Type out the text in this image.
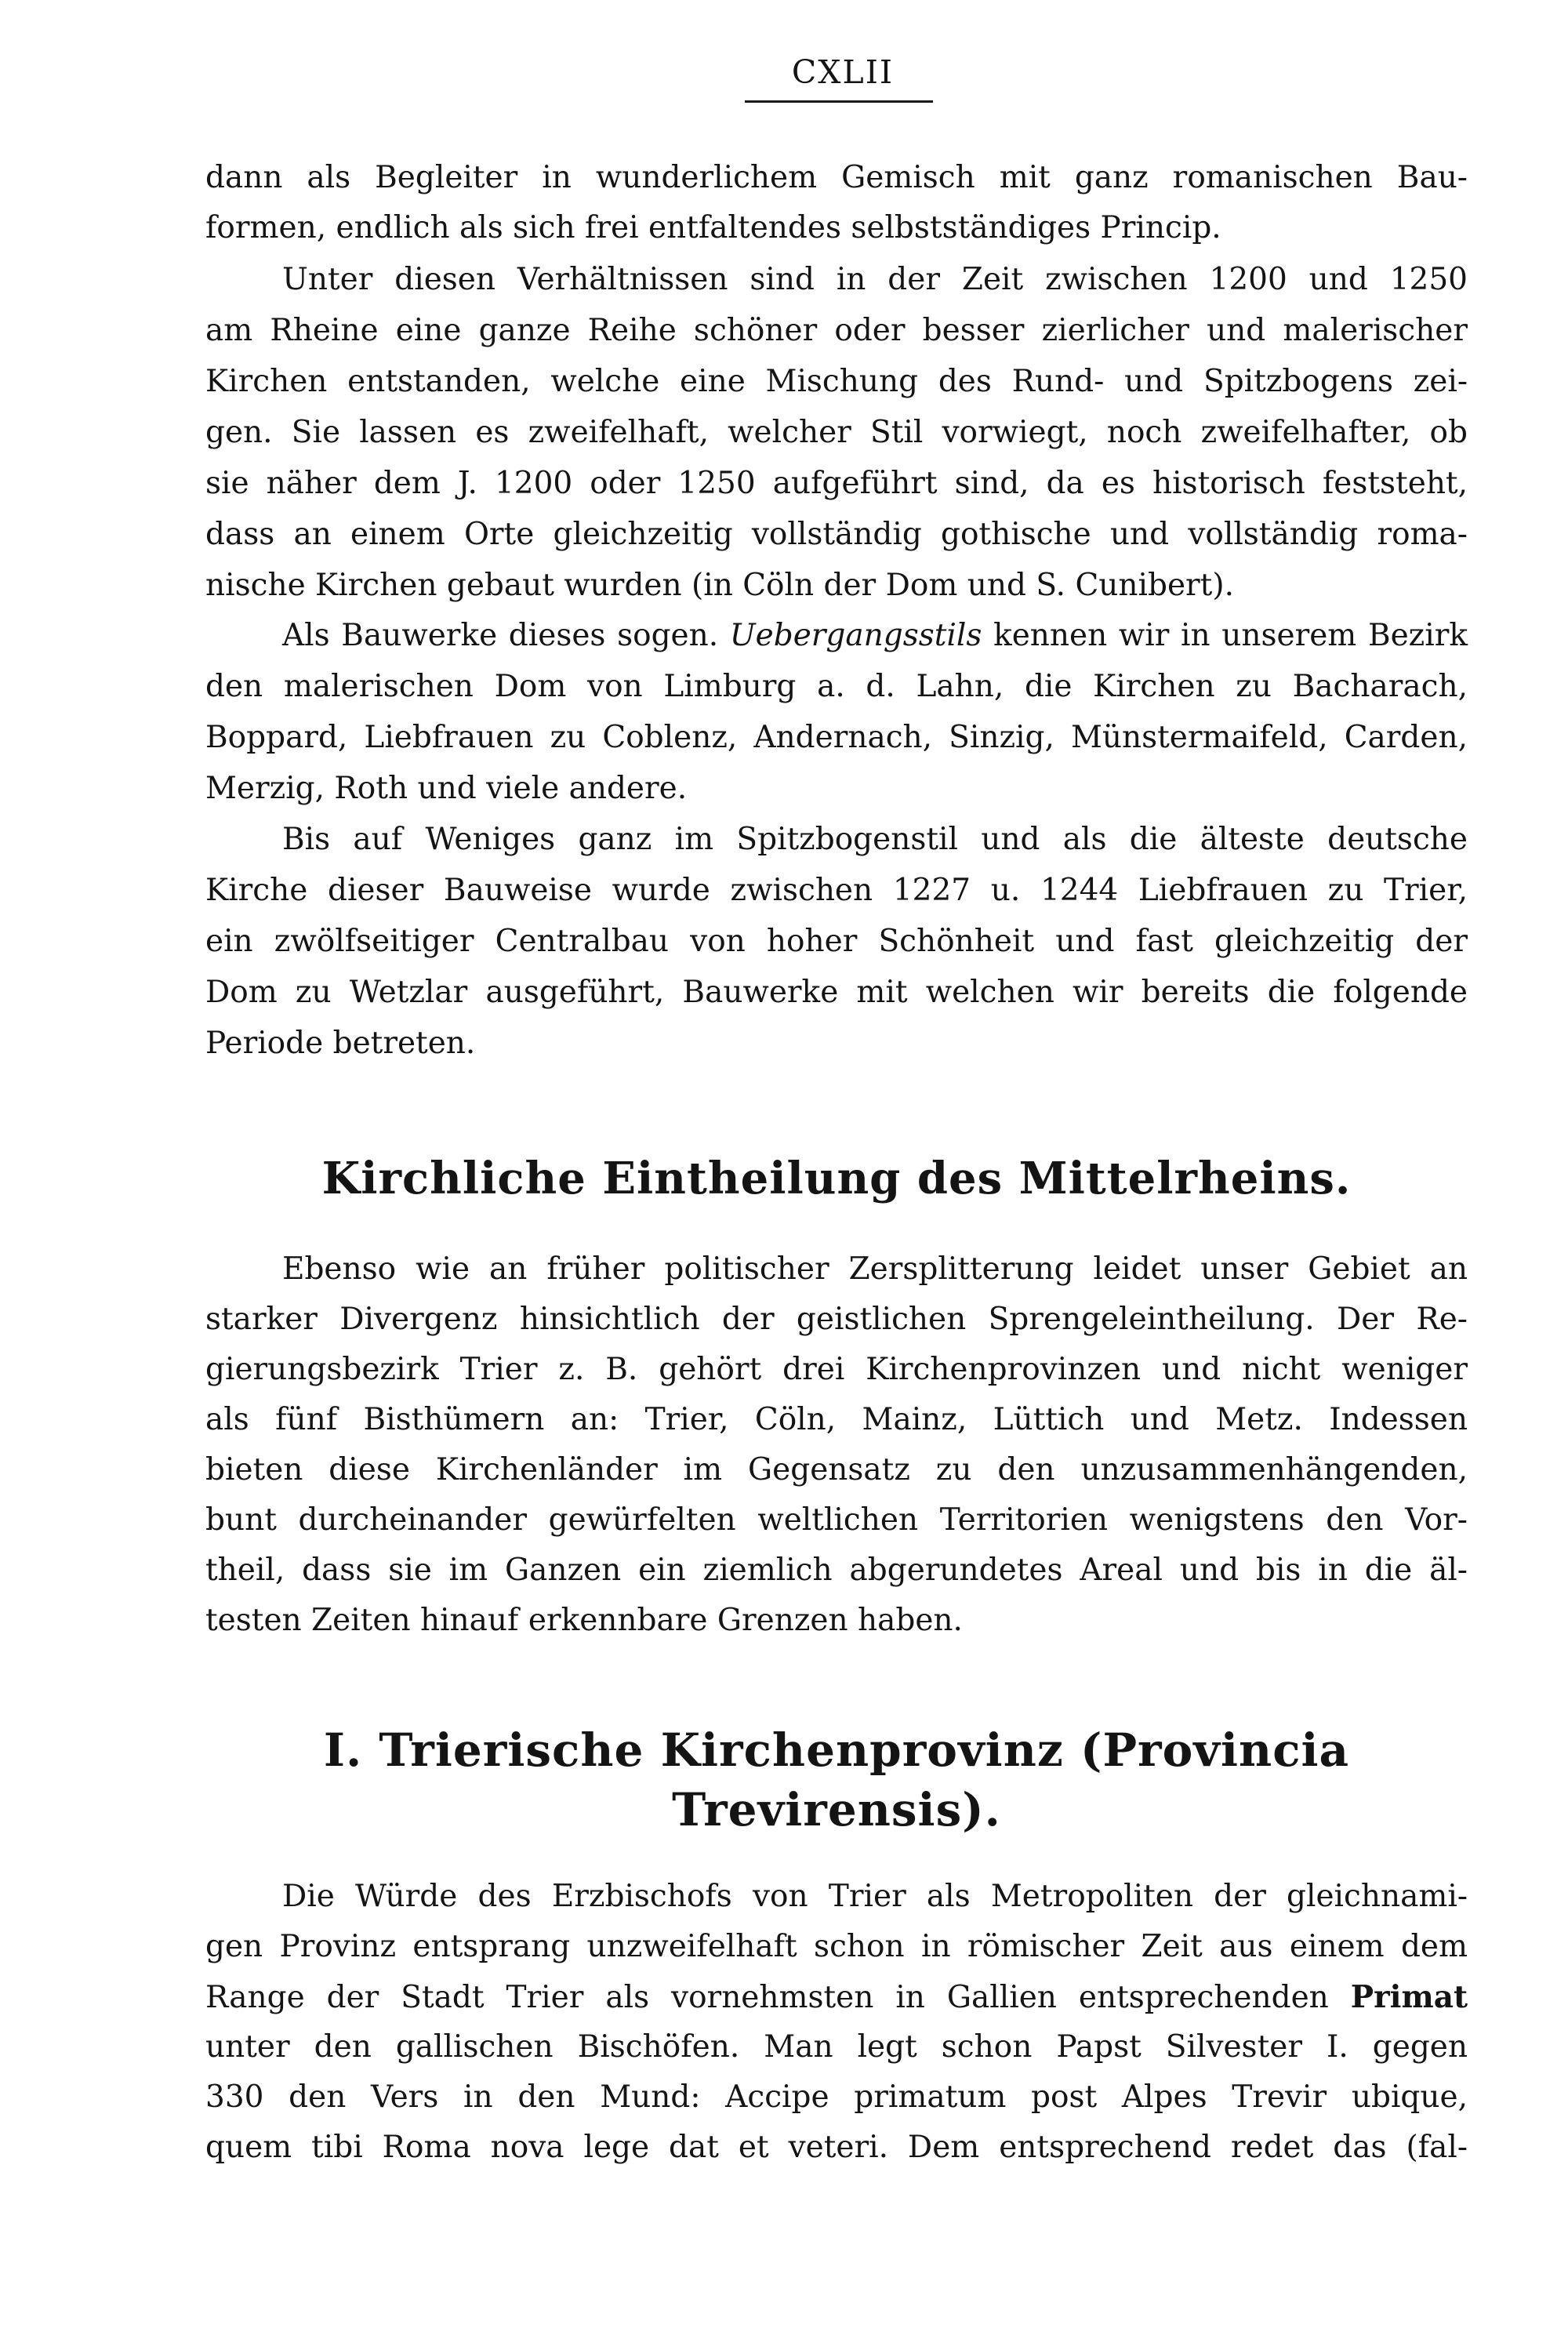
CXLII
dann als Begleiter in wunderlichem Gemisch mit ganz romanischen Bau-
formen, endlich als sich frei entfaltendes selbstständiges Princip.
Unter diesen Verhältnissen sind in der Zeit zwischen 1200 und 1250
am Rheine eine ganze Reihe schöner oder besser zierlicher und malerischer
Kirchen entstanden, welche eine Mischung des Rund- und Spitzbogens zei-
gen. Sie lassen es zweifelhaft, welcher Stil vorwiegt, noch zweifelhafter, ob
sie näher dem J. 1200 oder 1250 aufgeführt sind, da es historisch feststeht,
dass an einem Orte gleichzeitig vollständig gothische und vollständig roma-
nische Kirchen gebaut wurden (in Cöln der Dom und S. Cunibert).
Als Bauwerke dieses sogen. Uebergangsstils kennen wir in unserem Bezirk
den malerischen Dom von Limburg a. d. Lahn, die Kirchen zu Bacharach,
Boppard, Liebfrauen zu Coblenz, Andernach, Sinzig, Münstermaifeld, Carden,
Merzig, Roth und viele andere.
Bis auf Weniges ganz im Spitzbogenstil und als die älteste deutsche
Kirche dieser Bauweise wurde zwischen 1227 u. 1244 Liebfrauen zu Trier,
ein zwölfseitiger Centralbau von hoher Schönheit und fast gleichzeitig der
Dom zu Wetzlar ausgeführt, Bauwerke mit welchen wir bereits die folgende
Periode betreten.
Kirchliche Eintheilung des Mittelrheins.
Ebenso wie an früher politischer Zersplitterung leidet unser Gebiet an
starker Divergenz hinsichtlich der geistlichen Sprengeleintheilung. Der Re-
gierungsbezirk Trier z. B. gehört drei Kirchenprovinzen und nicht weniger
als fünf Bisthümern an: Trier, Cöln, Mainz, Lüttich und Metz. Indessen
bieten diese Kirchenländer im Gegensatz zu den unzusammenhängenden,
bunt durcheinander gewürfelten weltlichen Territorien wenigstens den Vor-
theil, dass sie im Ganzen ein ziemlich abgerundetes Areal und bis in die äl-
testen Zeiten hinauf erkennbare Grenzen haben.
I. Trierische Kirchenprovinz (Provincia
Trevirensis).
Die Würde des Erzbischofs von Trier als Metropoliten der gleichnami-
gen Provinz entsprang unzweifelhaft schon in römischer Zeit aus einem dem
Range der Stadt Trier als vornehmsten in Gallien entsprechenden Primat
unter den gallischen Bischöfen. Man legt schon Papst Silvester I. gegen
330 den Vers in den Mund: Accipe primatum post Alpes Trevir ubique,
quem tibi Roma nova lege dat et veteri. Dem entsprechend redet das (fal-
